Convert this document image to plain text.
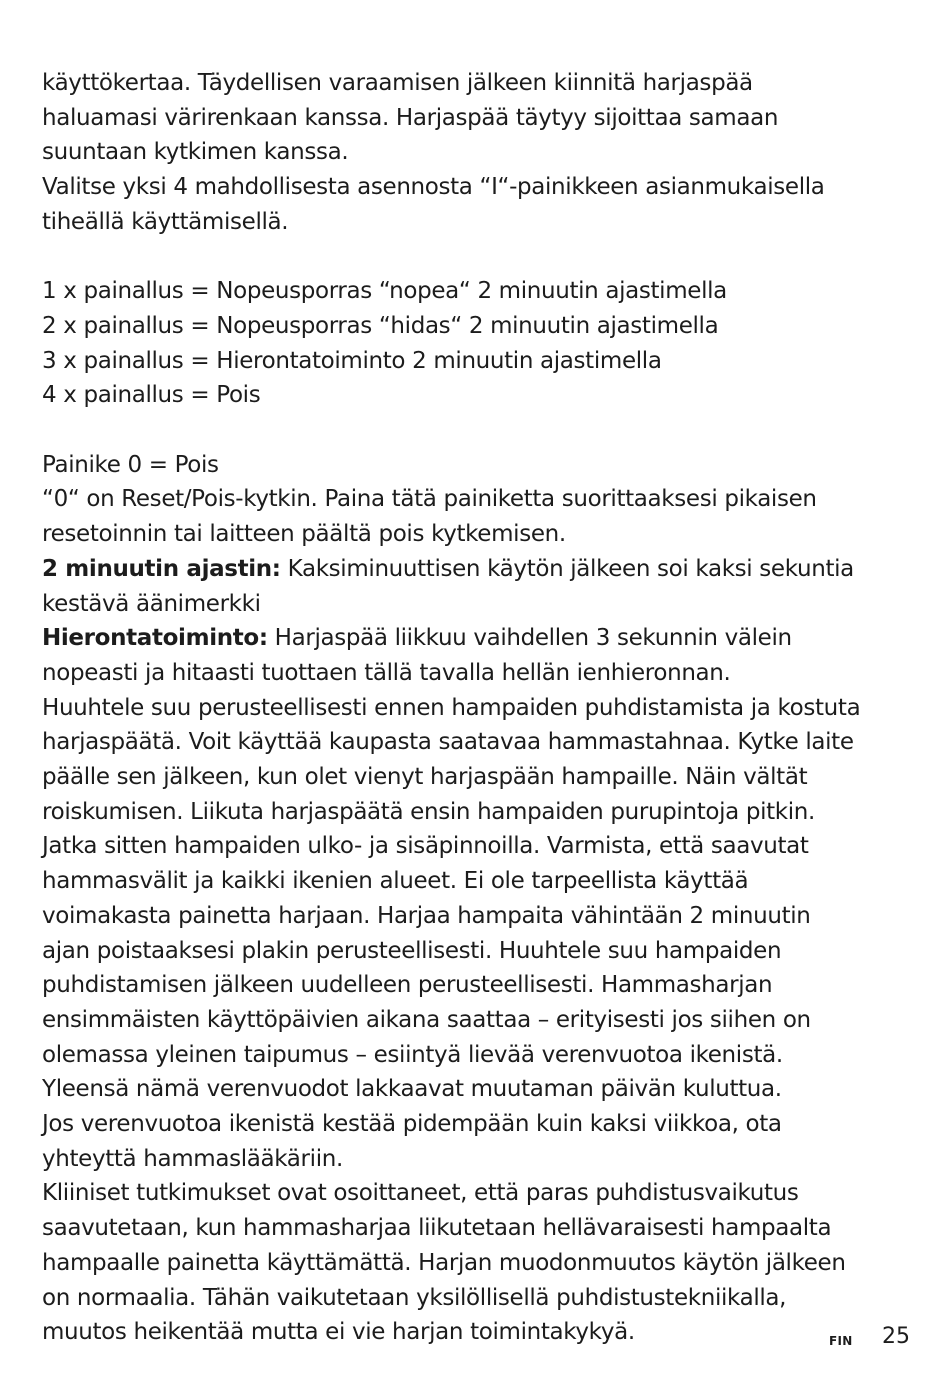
käyttökertaa. Täydellisen varaamisen jälkeen kiinnitä harjaspää
haluamasi värirenkaan kanssa. Harjaspää täytyy sijoittaa samaan
suuntaan kytkimen kanssa.
Valitse yksi 4 mahdollisesta asennosta “I“-painikkeen asianmukaisella
tiheällä käyttämisellä.

1 x painallus = Nopeusporras “nopea“ 2 minuutin ajastimella
2 x painallus = Nopeusporras “hidas“ 2 minuutin ajastimella
3 x painallus = Hierontatoiminto 2 minuutin ajastimella
4 x painallus = Pois

Painike 0 = Pois
“0“ on Reset/Pois-kytkin. Paina tätä painiketta suorittaaksesi pikaisen
resetoinnin tai laitteen päältä pois kytkemisen.
2 minuutin ajastin: Kaksiminuuttisen käytön jälkeen soi kaksi sekuntia
kestävä äänimerkki
Hierontatoiminto: Harjaspää liikkuu vaihdellen 3 sekunnin välein
nopeasti ja hitaasti tuottaen tällä tavalla hellän ienhieronnan.
Huuhtele suu perusteellisesti ennen hampaiden puhdistamista ja kostuta
harjaspäätä. Voit käyttää kaupasta saatavaa hammastahnaa. Kytke laite
päälle sen jälkeen, kun olet vienyt harjaspään hampaille. Näin vältät
roiskumisen. Liikuta harjaspäätä ensin hampaiden purupintoja pitkin.
Jatka sitten hampaiden ulko- ja sisäpinnoilla. Varmista, että saavutat
hammasvälit ja kaikki ikenien alueet. Ei ole tarpeellista käyttää
voimakasta painetta harjaan. Harjaa hampaita vähintään 2 minuutin
ajan poistaaksesi plakin perusteellisesti. Huuhtele suu hampaiden
puhdistamisen jälkeen uudelleen perusteellisesti. Hammasharjan
ensimmäisten käyttöpäivien aikana saattaa – erityisesti jos siihen on
olemassa yleinen taipumus – esiintyä lievää verenvuotoa ikenistä.
Yleensä nämä verenvuodot lakkaavat muutaman päivän kuluttua.
Jos verenvuotoa ikenistä kestää pidempään kuin kaksi viikkoa, ota
yhteyttä hammaslääkäriin.
Kliiniset tutkimukset ovat osoittaneet, että paras puhdistusvaikutus
saavutetaan, kun hammasharjaa liikutetaan hellävaraisesti hampaalta
hampaalle painetta käyttämättä. Harjan muodonmuutos käytön jälkeen
on normaalia. Tähän vaikutetaan yksilöllisellä puhdistustekniikalla,
muutos heikentää mutta ei vie harjan toimintakykyä.	FIN 25
